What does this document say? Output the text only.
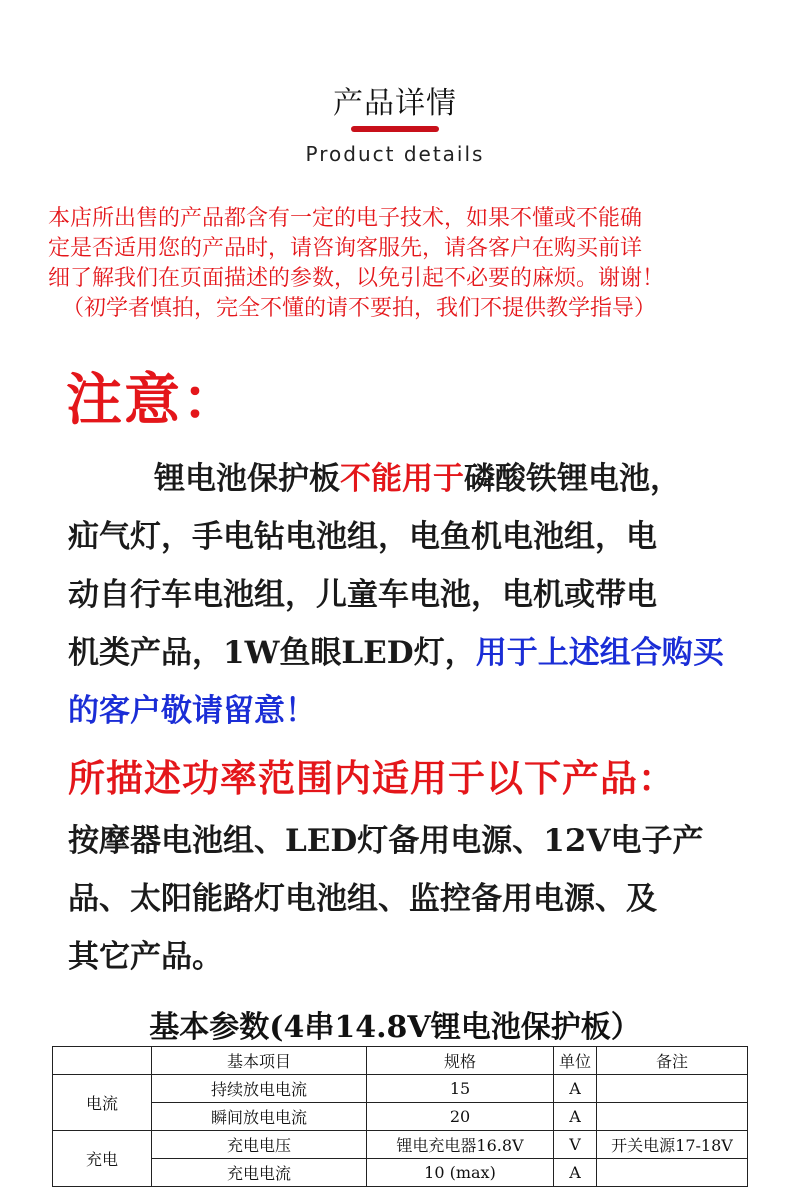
产品详情
Product details
本店所出售的产品都含有一定的电子技术，如果不懂或不能确
定是否适用您的产品时，请咨询客服先，请各客户在购买前详
细了解我们在页面描述的参数，以免引起不必要的麻烦。谢谢！
（初学者慎拍，完全不懂的请不要拍，我们不提供教学指导）
注意：
锂电池保护板不能用于磷酸铁锂电池，
疝气灯，手电钻电池组，电鱼机电池组，电
动自行车电池组，儿童车电池，电机或带电
机类产品，1W鱼眼LED灯，用于上述组合购买
的客户敬请留意！
所描述功率范围内适用于以下产品：
按摩器电池组、LED灯备用电源、12V电子产
品、太阳能路灯电池组、监控备用电源、及
其它产品。
基本参数(4串14.8V锂电池保护板）
	基本项目	规格	单位	备注
电流	持续放电电流	15	A	
	瞬间放电电流	20	A	
充电	充电电压	锂电充电器16.8V	V	开关电源17-18V
	充电电流	10 (max)	A	
